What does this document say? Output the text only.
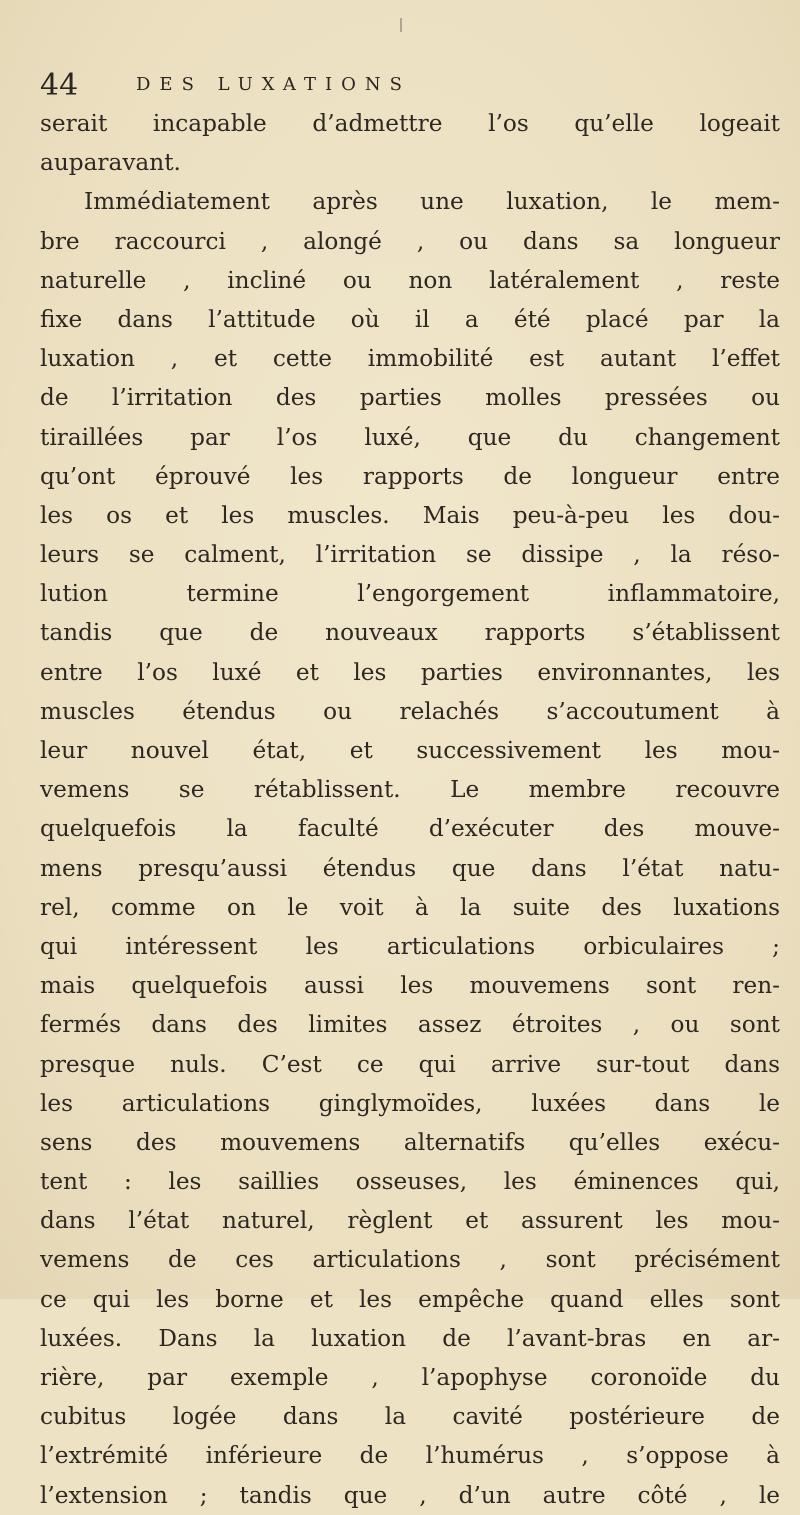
44	DES LUXATIONS
serait incapable d’admettre l’os qu’elle logeait
auparavant.
Immédiatement après une luxation, le mem-
bre raccourci , alongé , ou dans sa longueur
naturelle , incliné ou non latéralement , reste
fixe dans l’attitude où il a été placé par la
luxation , et cette immobilité est autant l’effet
de l’irritation des parties molles pressées ou
tiraillées par l’os luxé, que du changement
qu’ont éprouvé les rapports de longueur entre
les os et les muscles. Mais peu-à-peu les dou-
leurs se calment, l’irritation se dissipe , la réso-
lution termine l’engorgement inflammatoire,
tandis que de nouveaux rapports s’établissent
entre l’os luxé et les parties environnantes, les
muscles étendus ou relachés s’accoutument à
leur nouvel état, et successivement les mou-
vemens se rétablissent. Le membre recouvre
quelquefois la faculté d’exécuter des mouve-
mens presqu’aussi étendus que dans l’état natu-
rel, comme on le voit à la suite des luxations
qui intéressent les articulations orbiculaires ;
mais quelquefois aussi les mouvemens sont ren-
fermés dans des limites assez étroites , ou sont
presque nuls. C’est ce qui arrive sur-tout dans
les articulations ginglymoïdes, luxées dans le
sens des mouvemens alternatifs qu’elles exécu-
tent : les saillies osseuses, les éminences qui,
dans l’état naturel, règlent et assurent les mou-
vemens de ces articulations , sont précisément
ce qui les borne et les empêche quand elles sont
luxées. Dans la luxation de l’avant-bras en ar-
rière, par exemple , l’apophyse coronoïde du
cubitus logée dans la cavité postérieure de
l’extrémité inférieure de l’humérus , s’oppose à
l’extension ; tandis que , d’un autre côté , le
